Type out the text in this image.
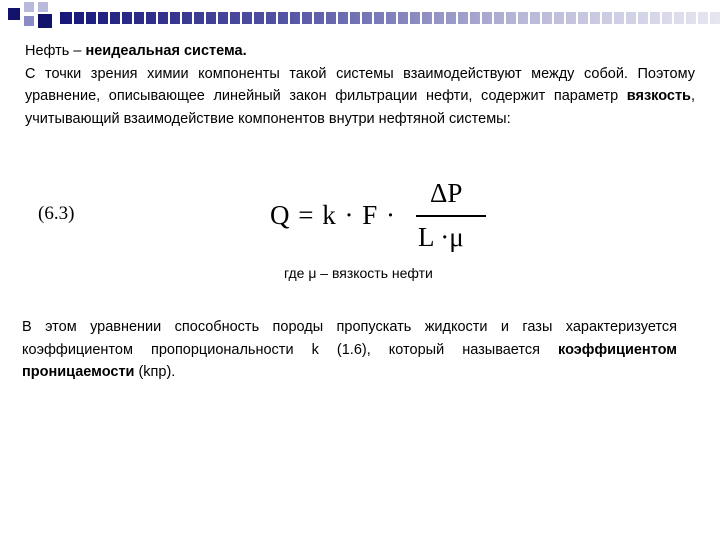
Нефть – неидеальная система.
С точки зрения химии компоненты такой системы взаимодействуют между собой. Поэтому уравнение, описывающее линейный закон фильтрации нефти, содержит параметр вязкость, учитывающий взаимодействие компонентов внутри нефтяной системы:
(6.3)	Q = k · F ·
ΔP
L ·μ
где μ – вязкость нефти
В этом уравнении способность породы пропускать жидкости и газы характеризуется коэффициентом пропорциональности k (1.6), который называется коэффициентом проницаемости (kпр).
